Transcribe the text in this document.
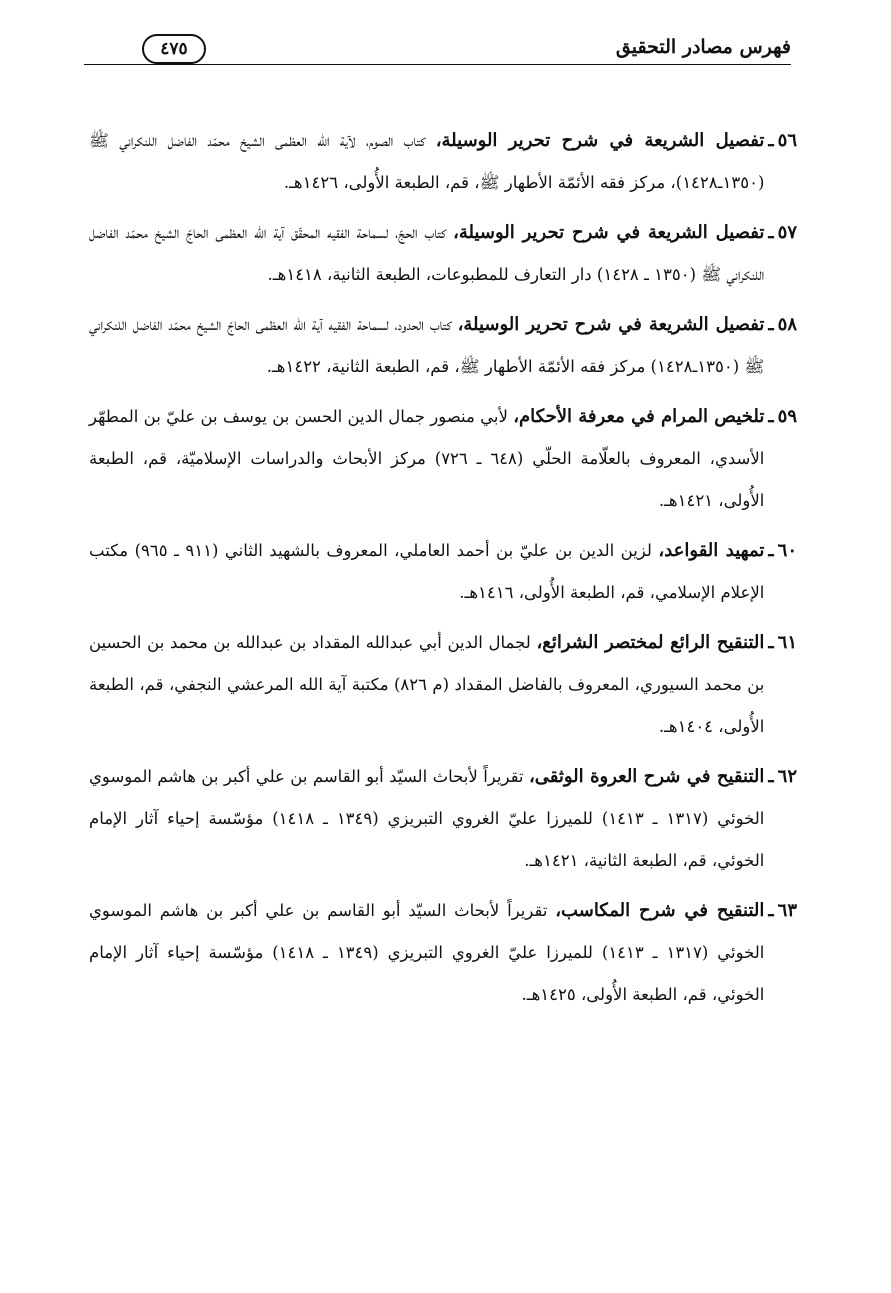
فهرس مصادر التحقيق
٤٧٥
٥٦
ـ

تفصيل الشريعة في شرح تحرير الوسيلة، كتاب الصوم، لآية الله العظمى الشيخ محمّد الفاضل اللنكراني ﷺ (١٣٥٠ـ١٤٢٨)، مركز فقه الأئمّة الأطهار ﷺ، قم، الطبعة الأُولى، ١٤٢٦هـ.

٥٧
ـ

تفصيل الشريعة في شرح تحرير الوسيلة، كتاب الحجّ، لسماحة الفقيه المحقّق آية الله العظمى الحاجّ الشيخ محمّد الفاضل اللنكراني ﷺ (١٣٥٠ ـ ١٤٢٨) دار التعارف للمطبوعات، الطبعة الثانية، ١٤١٨هـ.

٥٨
ـ

تفصيل الشريعة في شرح تحرير الوسيلة، كتاب الحدود، لسماحة الفقيه آية الله العظمى الحاجّ الشيخ محمّد الفاضل اللنكراني ﷺ (١٣٥٠ـ١٤٢٨) مركز فقه الأئمّة الأطهار ﷺ، قم، الطبعة الثانية، ١٤٢٢هـ.

٥٩
ـ

تلخيص المرام في معرفة الأحكام، لأبي منصور جمال الدين الحسن بن يوسف بن عليّ بن المطهّر الأسدي، المعروف بالعلّامة الحلّي (٦٤٨ ـ ٧٢٦) مركز الأبحاث والدراسات الإسلاميّة، قم، الطبعة الأُولى، ١٤٢١هـ.

٦٠
ـ

تمهيد القواعد، لزين الدين بن عليّ بن أحمد العاملي، المعروف بالشهيد الثاني (٩١١ ـ ٩٦٥) مكتب الإعلام الإسلامي، قم، الطبعة الأُولى، ١٤١٦هـ.

٦١
ـ

التنقيح الرائع لمختصر الشرائع، لجمال الدين أبي عبدالله المقداد بن عبدالله بن محمد بن الحسين بن محمد السيوري، المعروف بالفاضل المقداد (م ٨٢٦) مكتبة آية الله المرعشي النجفي، قم، الطبعة الأُولى، ١٤٠٤هـ.

٦٢
ـ

التنقيح في شرح العروة الوثقى، تقريراً لأبحاث السيّد أبو القاسم بن علي أكبر بن هاشم الموسوي الخوئي (١٣١٧ ـ ١٤١٣) للميرزا عليّ الغروي التبريزي (١٣٤٩ ـ ١٤١٨) مؤسّسة إحياء آثار الإمام الخوئي، قم، الطبعة الثانية، ١٤٢١هـ.

٦٣
ـ

التنقيح في شرح المكاسب، تقريراً لأبحاث السيّد أبو القاسم بن علي أكبر بن هاشم الموسوي الخوئي (١٣١٧ ـ ١٤١٣) للميرزا عليّ الغروي التبريزي (١٣٤٩ ـ ١٤١٨) مؤسّسة إحياء آثار الإمام الخوئي، قم، الطبعة الأُولى، ١٤٢٥هـ.
